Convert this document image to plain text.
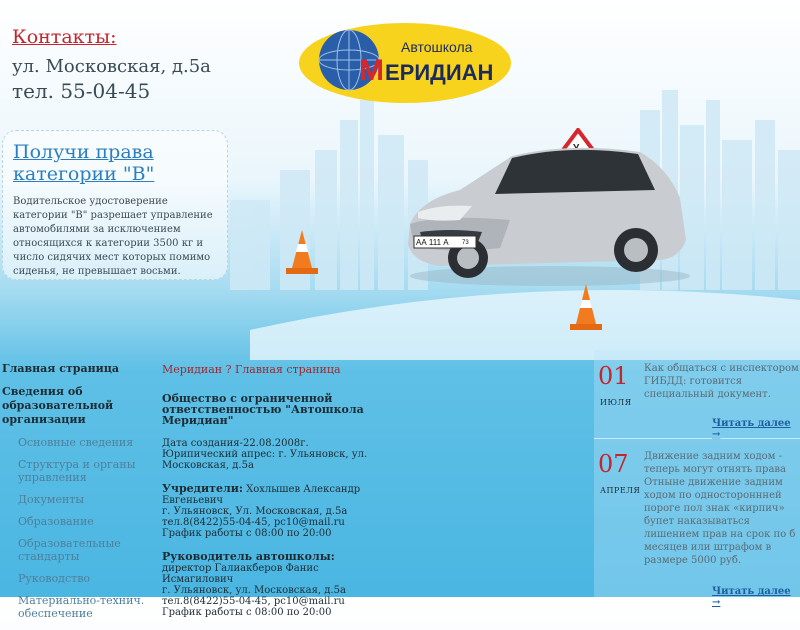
Контакты:
ул. Московская, д.5а
тел. 55-04-45
Автошкола
М ЕРИДИАН
Получи права категории "В"
Водительское удостоверение категории "В" разрешает управление автомобилями за исключением относящихся к категории 3500 кг и число сидячих мест которых помимо сиденья, не превышает восьми.
АА 111 А 73
Главная страница
Сведения об образовательной организации
Основные сведения
Структура и органы управления
Документы
Образование
Образовательные стандарты
Руководство
Материально-технич. обеспечение
Меридиан ? Главная страница
Общество с ограниченной ответственностью "Автошкола Меридиан"
Дата создания-22.08.2008г.
Юрипический апрес: г. Ульяновск, ул. Московская, д.5а
Учредители: Хохлышев Александр Евгеньевич
г. Ульяновск, Ул. Московская, д.5а
тел.8(8422)55-04-45, pc10@mail.ru
График работы с 08:00 по 20:00
Руководитель автошколы: директор Галиакберов Фанис Исмагилович
г. Ульяновск, ул. Московская, д.5а
тел.8(8422)55-04-45, pc10@mail.ru
График работы с 08:00 по 20:00
01
ИЮЛЯ
Как общаться с инспектором ГИБДД: готовится специальный документ.
Читать далее →
07
АПРЕЛЯ
Движение задним ходом - теперь могут отнять права Отныне движение задним ходом по одностороннней пороге пол знак «кирпич» бупет наказываться лишением прав на срок по б месяцев или штрафом в размере 5000 руб.
Читать далее →
